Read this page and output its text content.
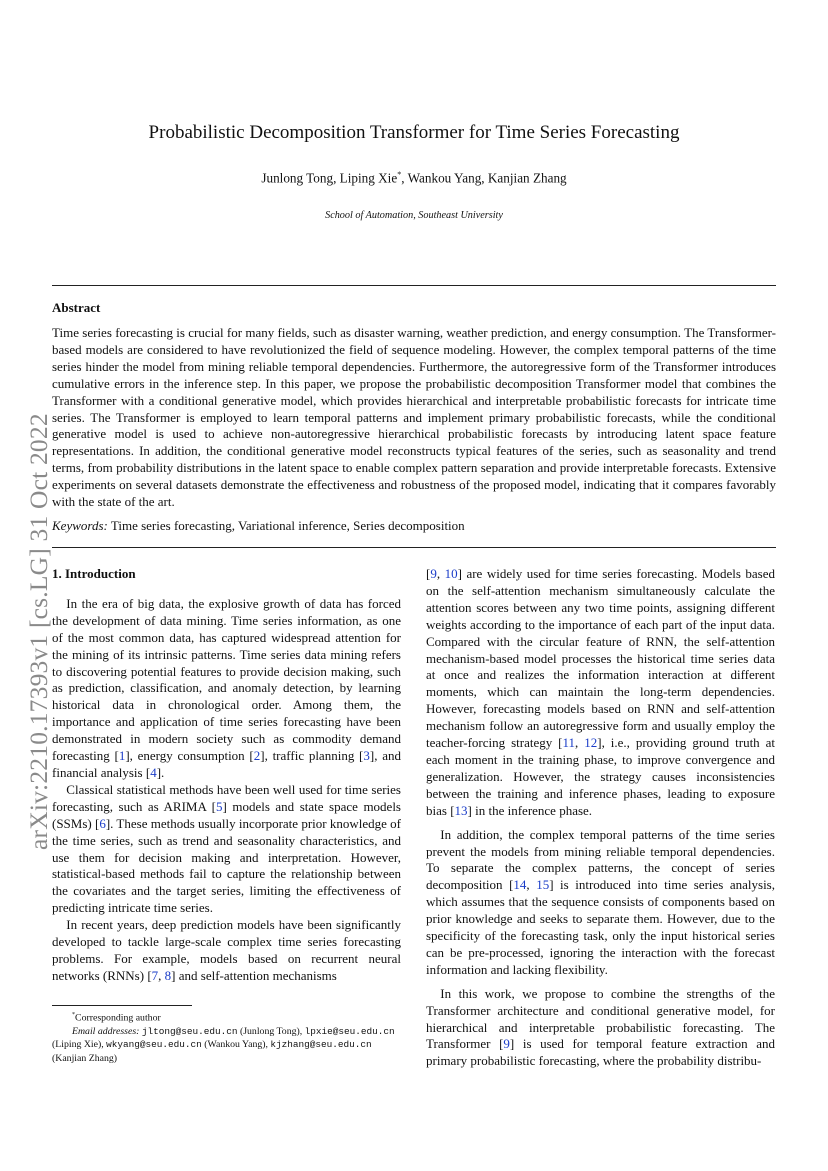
Probabilistic Decomposition Transformer for Time Series Forecasting
Junlong Tong, Liping Xie*, Wankou Yang, Kanjian Zhang
School of Automation, Southeast University
Abstract
Time series forecasting is crucial for many fields, such as disaster warning, weather prediction, and energy consumption. The Transformer-based models are considered to have revolutionized the field of sequence modeling. However, the complex temporal patterns of the time series hinder the model from mining reliable temporal dependencies. Furthermore, the autoregressive form of the Transformer introduces cumulative errors in the inference step. In this paper, we propose the probabilistic decomposition Transformer model that combines the Transformer with a conditional generative model, which provides hierarchical and interpretable probabilistic forecasts for intricate time series. The Transformer is employed to learn temporal patterns and implement primary probabilistic forecasts, while the conditional generative model is used to achieve non-autoregressive hierarchical probabilistic forecasts by introducing latent space feature representations. In addition, the conditional generative model reconstructs typical features of the series, such as seasonality and trend terms, from probability distributions in the latent space to enable complex pattern separation and provide interpretable forecasts. Extensive experiments on several datasets demonstrate the effectiveness and robustness of the proposed model, indicating that it compares favorably with the state of the art.
Keywords: Time series forecasting, Variational inference, Series decomposition
arXiv:2210.17393v1 [cs.LG] 31 Oct 2022 1. Introduction

In the era of big data, the explosive growth of data has forced the development of data mining. Time series information, as one of the most common data, has captured widespread attention for the mining of its intrinsic patterns. Time series data mining refers to discovering potential features to provide decision making, such as prediction, classification, and anomaly detection, by learning historical data in chronological order. Among them, the importance and application of time series forecasting have been demonstrated in modern society such as commodity demand forecasting [1], energy consumption [2], traffic planning [3], and financial analysis [4].

Classical statistical methods have been well used for time series forecasting, such as ARIMA [5] models and state space models (SSMs) [6]. These methods usually incorporate prior knowledge of the time series, such as trend and seasonality characteristics, and use them for decision making and interpretation. However, statistical-based methods fail to capture the relationship between the covariates and the target series, limiting the effectiveness of predicting intricate time series.

In recent years, deep prediction models have been significantly developed to tackle large-scale complex time series forecasting problems. For example, models based on recurrent neural networks (RNNs) [7, 8] and self-attention mechanisms

[9, 10] are widely used for time series forecasting. Models based on the self-attention mechanism simultaneously calculate the attention scores between any two time points, assigning different weights according to the importance of each part of the input data. Compared with the circular feature of RNN, the self-attention mechanism-based model processes the historical time series data at once and realizes the information interaction at different moments, which can maintain the long-term dependencies. However, forecasting models based on RNN and self-attention mechanism follow an autoregressive form and usually employ the teacher-forcing strategy [11, 12], i.e., providing ground truth at each moment in the training phase, to improve convergence and generalization. However, the strategy causes inconsistencies between the training and inference phases, leading to exposure bias [13] in the inference phase.

In addition, the complex temporal patterns of the time series prevent the models from mining reliable temporal dependencies. To separate the complex patterns, the concept of series decomposition [14, 15] is introduced into time series analysis, which assumes that the sequence consists of components based on prior knowledge and seeks to separate them. However, due to the specificity of the forecasting task, only the input historical series can be pre-processed, ignoring the interaction with the forecast information and lacking flexibility.

In this work, we propose to combine the strengths of the Transformer architecture and conditional generative model, for hierarchical and interpretable probabilistic forecasting. The Transformer [9] is used for temporal feature extraction and primary probabilistic forecasting, where the probability distribu-

*Corresponding author
Email addresses: jltong@seu.edu.cn (Junlong Tong), lpxie@seu.edu.cn (Liping Xie), wkyang@seu.edu.cn (Wankou Yang), kjzhang@seu.edu.cn (Kanjian Zhang)
